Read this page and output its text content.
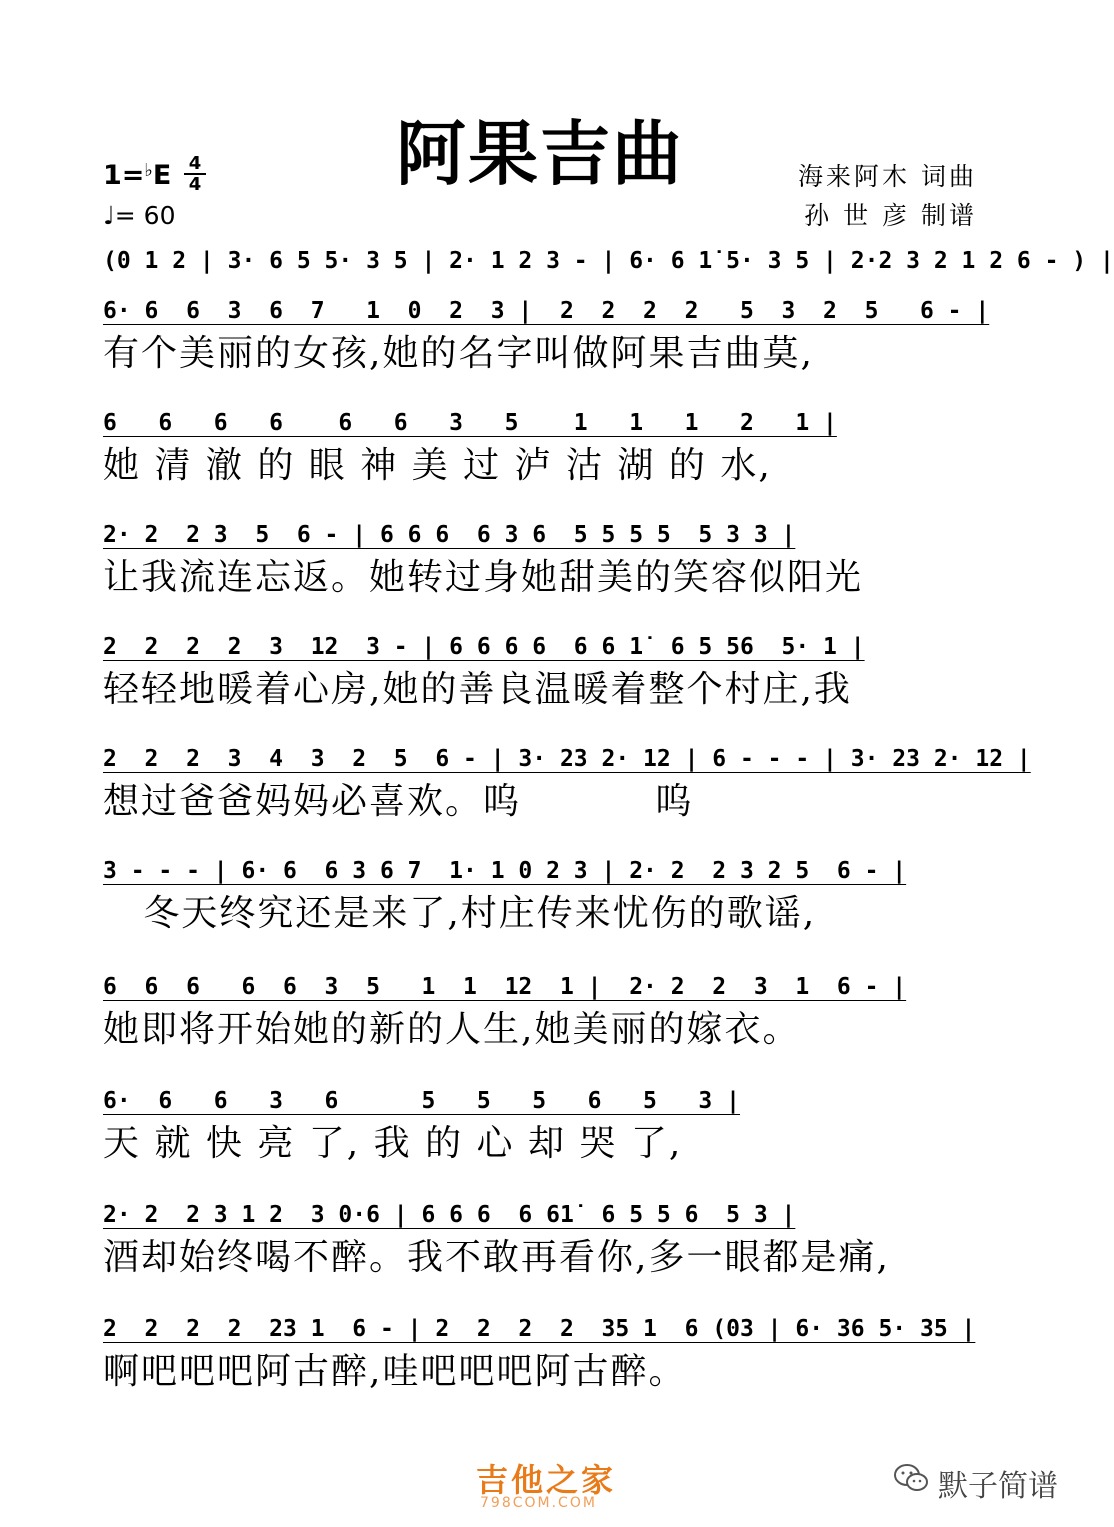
阿果吉曲
1=♭E 4
4
♩= 60
海来阿木 词曲
孙 世 彦 制谱
(0 1 2 | 3· 6 5 5· 3 5 | 2· 1 2 3 - | 6· 6 1̇ 5· 3 5 | 2·2 3 2 1 2 6 - ) |
6· 6  6  3  6  7   1  0  2  3 |  2  2  2  2   5  3  2  5   6 - |
有个美丽的女孩,她的名字叫做阿果吉曲莫,
6   6   6   6    6   6   3   5    1   1   1   2   1 |
她 清 澈 的 眼 神 美 过 泸 沽 湖 的 水,
2· 2  2 3  5  6 - | 6 6 6  6 3 6  5 5 5 5  5 3 3 |
让我流连忘返。她转过身她甜美的笑容似阳光
2  2  2  2  3  12  3 - | 6 6 6 6  6 6 1̇  6 5 56  5· 1 |
轻轻地暖着心房,她的善良温暖着整个村庄,我
2  2  2  3  4  3  2  5  6 - | 3· 23 2· 12 | 6 - - - | 3· 23 2· 12 |
想过爸爸妈妈必喜欢。呜          呜
3 - - - | 6· 6  6 3 6 7  1· 1 0 2 3 | 2· 2  2 3 2 5  6 - |
冬天终究还是来了,村庄传来忧伤的歌谣,
6  6  6   6  6  3  5   1  1  12  1 |  2· 2  2  3  1  6 - |
她即将开始她的新的人生,她美丽的嫁衣。
6·  6   6   3   6      5   5   5   6   5   3 |
天 就 快 亮 了, 我 的 心 却 哭 了,
2· 2  2 3 1 2  3 0·6 | 6 6 6  6 61̇  6 5 5 6  5 3 |
酒却始终喝不醉。我不敢再看你,多一眼都是痛,
2  2  2  2  23 1  6 - | 2  2  2  2  35 1  6 (03 | 6· 36 5· 35 |
啊吧吧吧阿古醉,哇吧吧吧阿古醉。
吉他之家
798COM.COM	默子简谱
